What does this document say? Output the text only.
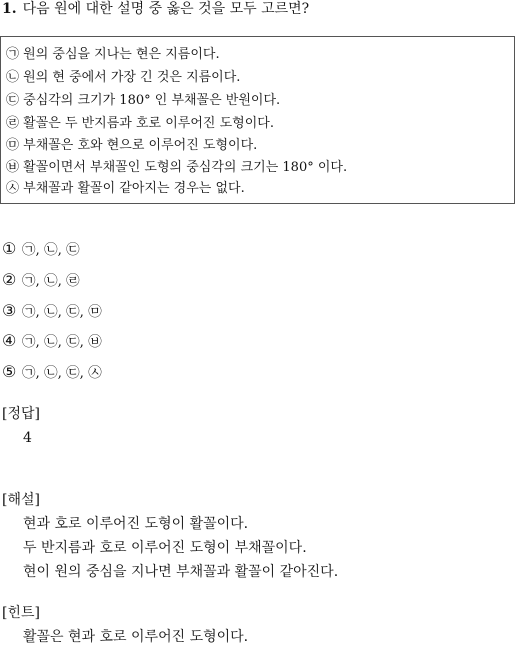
1. 다음 원에 대한 설명 중 옳은 것을 모두 고르면?
㉠ 원의 중심을 지나는 현은 지름이다.
㉡ 원의 현 중에서 가장 긴 것은 지름이다.
㉢ 중심각의 크기가 180° 인 부채꼴은 반원이다.
㉣ 활꼴은 두 반지름과 호로 이루어진 도형이다.
㉤ 부채꼴은 호와 현으로 이루어진 도형이다.
㉥ 활꼴이면서 부채꼴인 도형의 중심각의 크기는 180° 이다.
㉦ 부채꼴과 활꼴이 같아지는 경우는 없다.
① ㉠, ㉡, ㉢
② ㉠, ㉡, ㉣
③ ㉠, ㉡, ㉢, ㉤
④ ㉠, ㉡, ㉢, ㉥
⑤ ㉠, ㉡, ㉢, ㉦
[정답]
4
[해설]
현과 호로 이루어진 도형이 활꼴이다.
두 반지름과 호로 이루어진 도형이 부채꼴이다.
현이 원의 중심을 지나면 부채꼴과 활꼴이 같아진다.
[힌트]
활꼴은 현과 호로 이루어진 도형이다.
